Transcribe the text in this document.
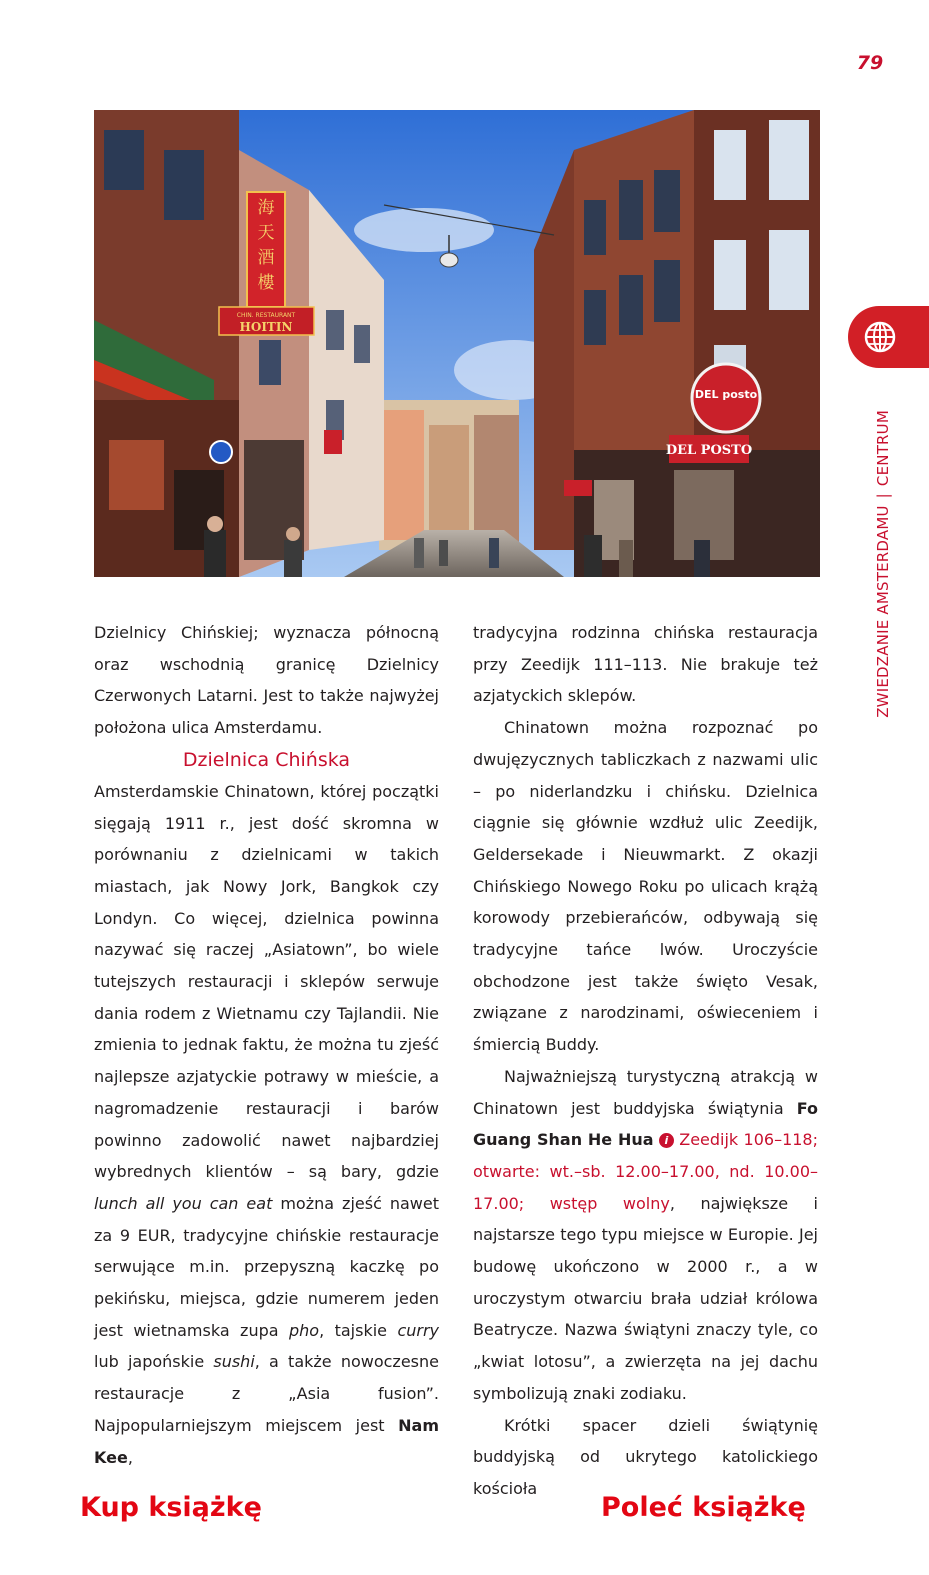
79
海
天
酒
樓
CHIN. RESTAURANT
HOITIN
DEL posto
DEL POSTO
ZWIEDZANIE AMSTERDAMU|CENTRUM

Dzielnicy Chińskiej; wyznacza północną oraz wschodnią granicę Dzielnicy Czerwonych Latarni. Jest to także najwyżej położona ulica Amsterdamu.

Dzielnica Chińska

Amsterdamskie Chinatown, której początki sięgają 1911 r., jest dość skromna w porównaniu z dzielnicami w takich miastach, jak Nowy Jork, Bangkok czy Londyn. Co więcej, dzielnica powinna nazywać się raczej „Asiatown”, bo wiele tutejszych restauracji i sklepów serwuje dania rodem z Wietnamu czy Tajlandii. Nie zmienia to jednak faktu, że można tu zjeść najlepsze azjatyckie potrawy w mieście, a nagromadzenie restauracji i barów powinno zadowolić nawet najbardziej wybrednych klientów – są bary, gdzie lunch all you can eat można zjeść nawet za 9 EUR, tradycyjne chińskie restauracje serwujące m.in. przepyszną kaczkę po pekińsku, miejsca, gdzie numerem jeden jest wietnamska zupa pho, tajskie curry lub japońskie sushi, a także nowoczesne restauracje z „Asia fusion”. Najpopularniejszym miejscem jest Nam Kee,

tradycyjna rodzinna chińska restauracja przy Zeedijk 111–113. Nie brakuje też azjatyckich sklepów.

Chinatown można rozpoznać po dwujęzycznych tabliczkach z nazwami ulic – po niderlandzku i chińsku. Dzielnica ciągnie się głównie wzdłuż ulic Zeedijk, Geldersekade i Nieuwmarkt. Z okazji Chińskiego Nowego Roku po ulicach krążą korowody przebierańców, odbywają się tradycyjne tańce lwów. Uroczyście obchodzone jest także święto Vesak, związane z narodzinami, oświeceniem i śmiercią Buddy.

Najważniejszą turystyczną atrakcją w Chinatown jest buddyjska świątynia Fo Guang Shan He Hua i Zeedijk 106–118; otwarte: wt.–sb. 12.00–17.00, nd. 10.00–17.00; wstęp wolny, największe i najstarsze tego typu miejsce w Europie. Jej budowę ukończono w 2000 r., a w uroczystym otwarciu brała udział królowa Beatrycze. Nazwa świątyni znaczy tyle, co „kwiat lotosu”, a zwierzęta na jej dachu symbolizują znaki zodiaku.

Krótki spacer dzieli świątynię buddyjską od ukrytego katolickiego kościoła

Kup książkę	Poleć książkę
